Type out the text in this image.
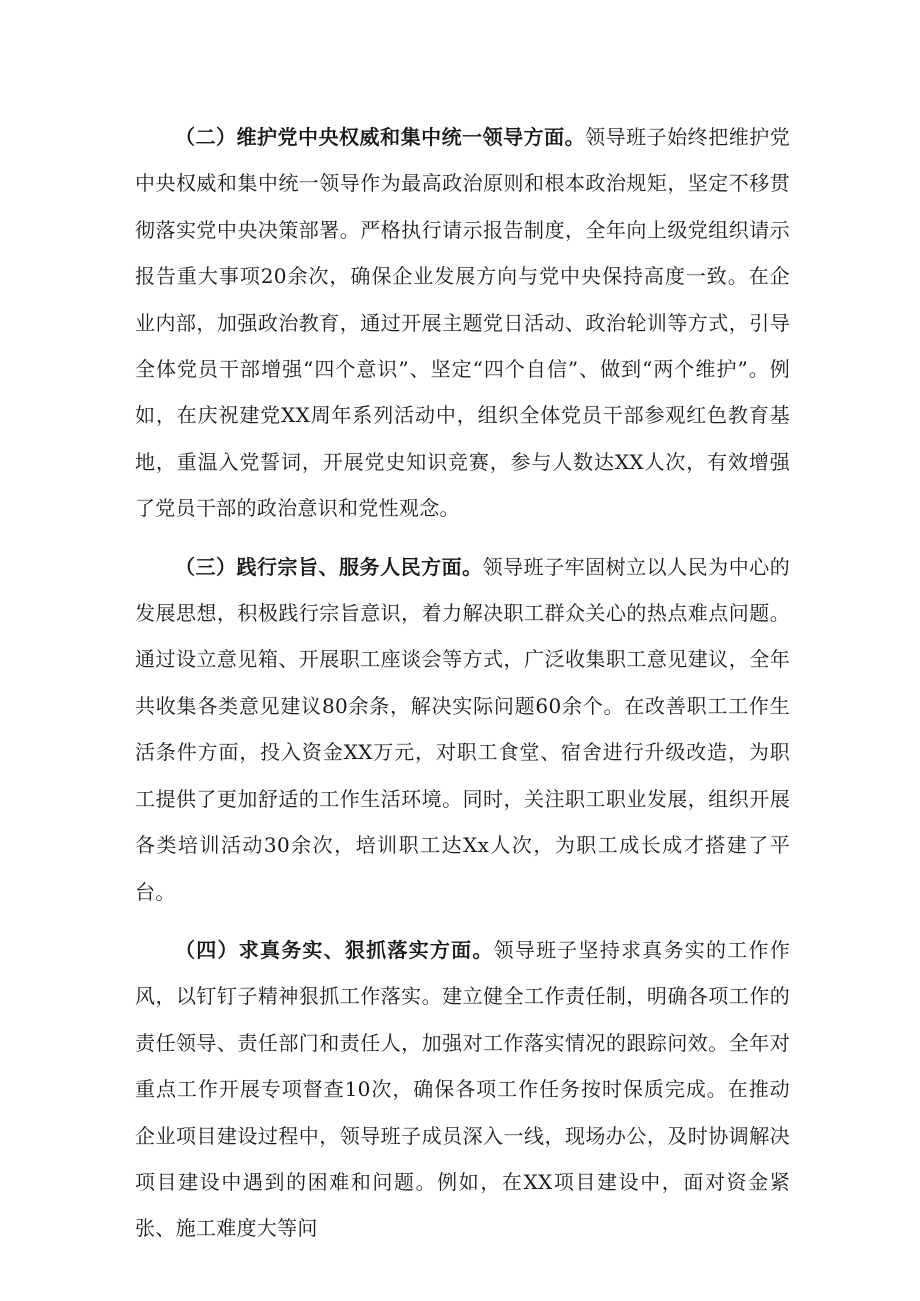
（二）维护党中央权威和集中统一领导方面。领导班子始终把维护党中央权威和集中统一领导作为最高政治原则和根本政治规矩，坚定不移贯彻落实党中央决策部署。严格执行请示报告制度，全年向上级党组织请示报告重大事项20余次，确保企业发展方向与党中央保持高度一致。在企业内部，加强政治教育，通过开展主题党日活动、政治轮训等方式，引导全体党员干部增强“四个意识”、坚定“四个自信”、做到“两个维护”。例如，在庆祝建党XX周年系列活动中，组织全体党员干部参观红色教育基地，重温入党誓词，开展党史知识竞赛，参与人数达XX人次，有效增强了党员干部的政治意识和党性观念。

（三）践行宗旨、服务人民方面。领导班子牢固树立以人民为中心的发展思想，积极践行宗旨意识，着力解决职工群众关心的热点难点问题。通过设立意见箱、开展职工座谈会等方式，广泛收集职工意见建议，全年共收集各类意见建议80余条，解决实际问题60余个。在改善职工工作生活条件方面，投入资金XX万元，对职工食堂、宿舍进行升级改造，为职工提供了更加舒适的工作生活环境。同时，关注职工职业发展，组织开展各类培训活动30余次，培训职工达Xx人次，为职工成长成才搭建了平台。

（四）求真务实、狠抓落实方面。领导班子坚持求真务实的工作作风，以钉钉子精神狠抓工作落实。建立健全工作责任制，明确各项工作的责任领导、责任部门和责任人，加强对工作落实情况的跟踪问效。全年对重点工作开展专项督查10次，确保各项工作任务按时保质完成。在推动企业项目建设过程中，领导班子成员深入一线，现场办公，及时协调解决项目建设中遇到的困难和问题。例如，在XX项目建设中，面对资金紧张、施工难度大等问
